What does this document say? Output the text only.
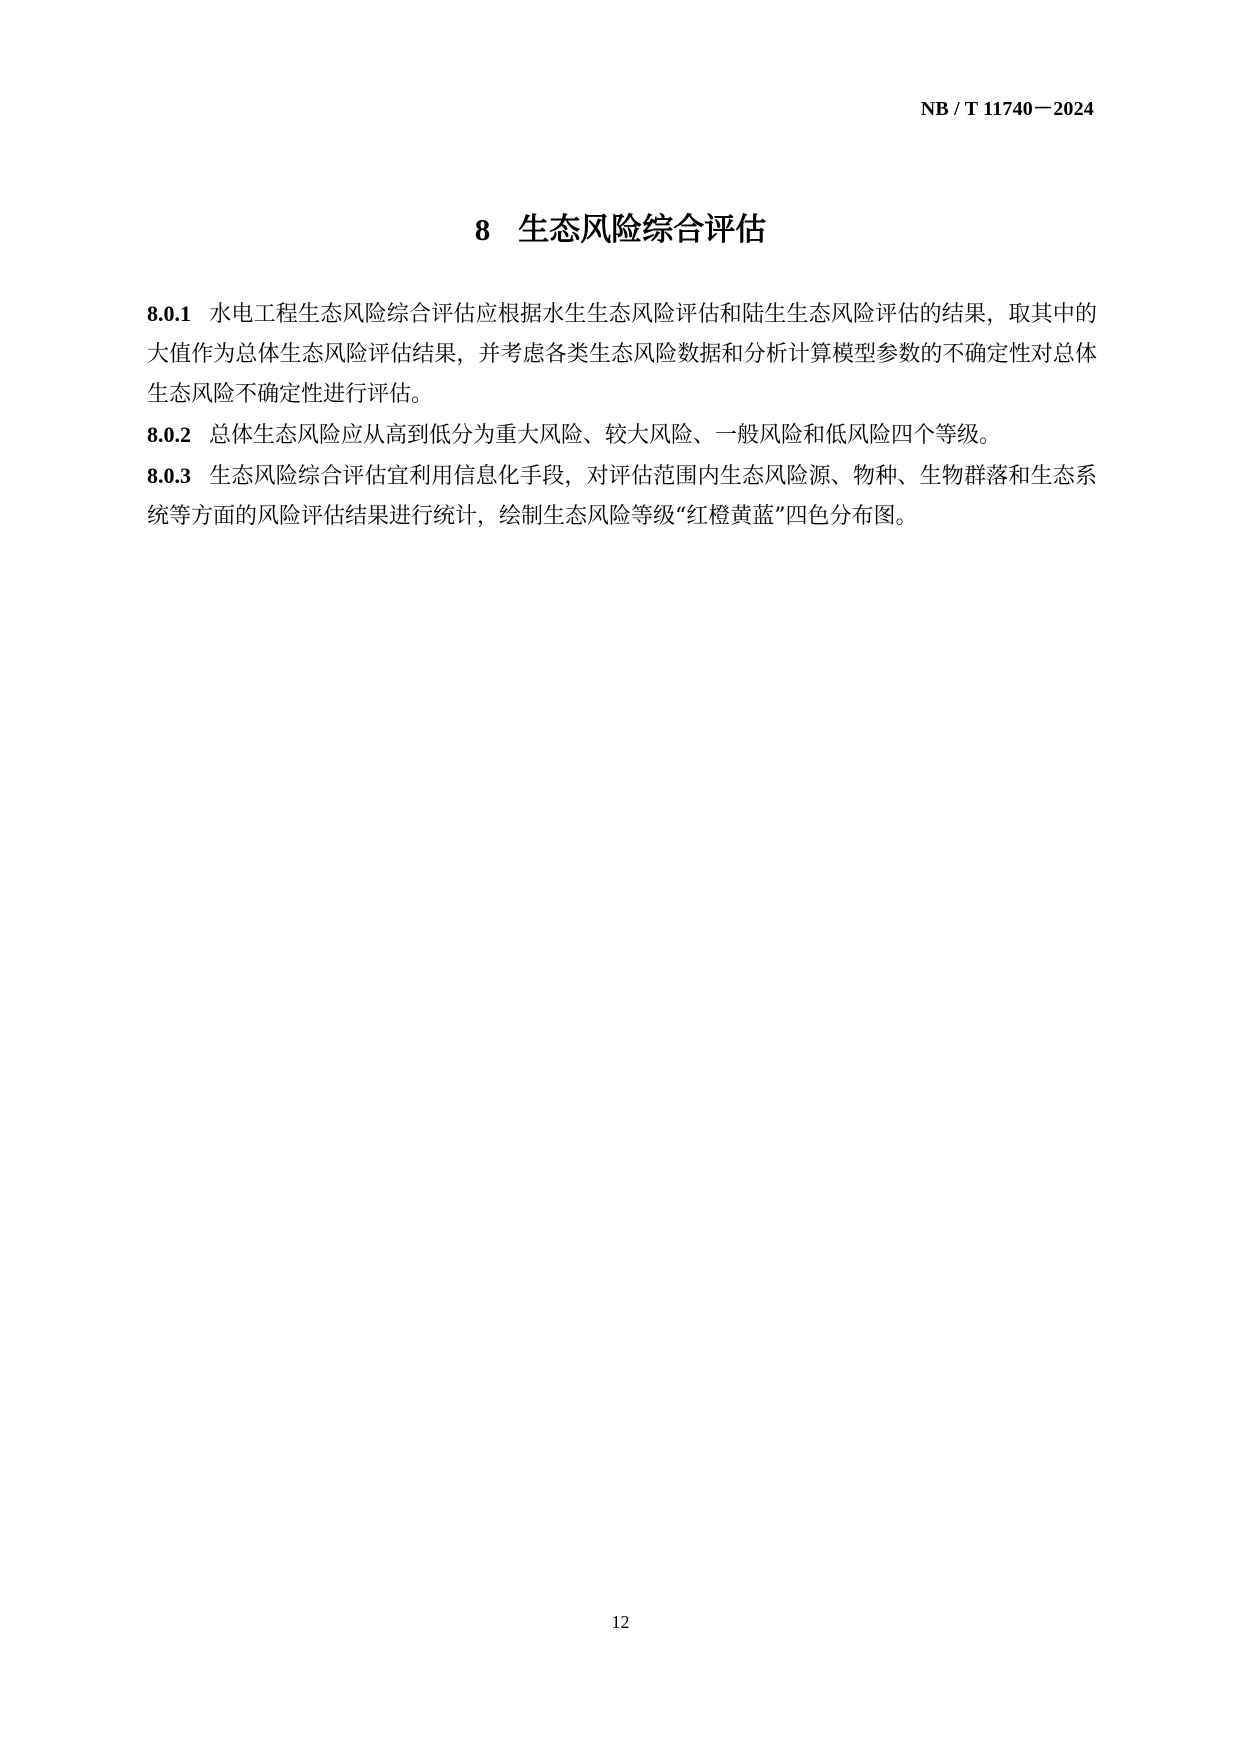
NB / T 11740－2024
8 生态风险综合评估

8.0.1 水电工程生态风险综合评估应根据水生生态风险评估和陆生生态风险评估的结果，取其中的大值作为总体生态风险评估结果，并考虑各类生态风险数据和分析计算模型参数的不确定性对总体生态风险不确定性进行评估。

8.0.2 总体生态风险应从高到低分为重大风险、较大风险、一般风险和低风险四个等级。

8.0.3 生态风险综合评估宜利用信息化手段，对评估范围内生态风险源、物种、生物群落和生态系统等方面的风险评估结果进行统计，绘制生态风险等级“红橙黄蓝”四色分布图。

12
